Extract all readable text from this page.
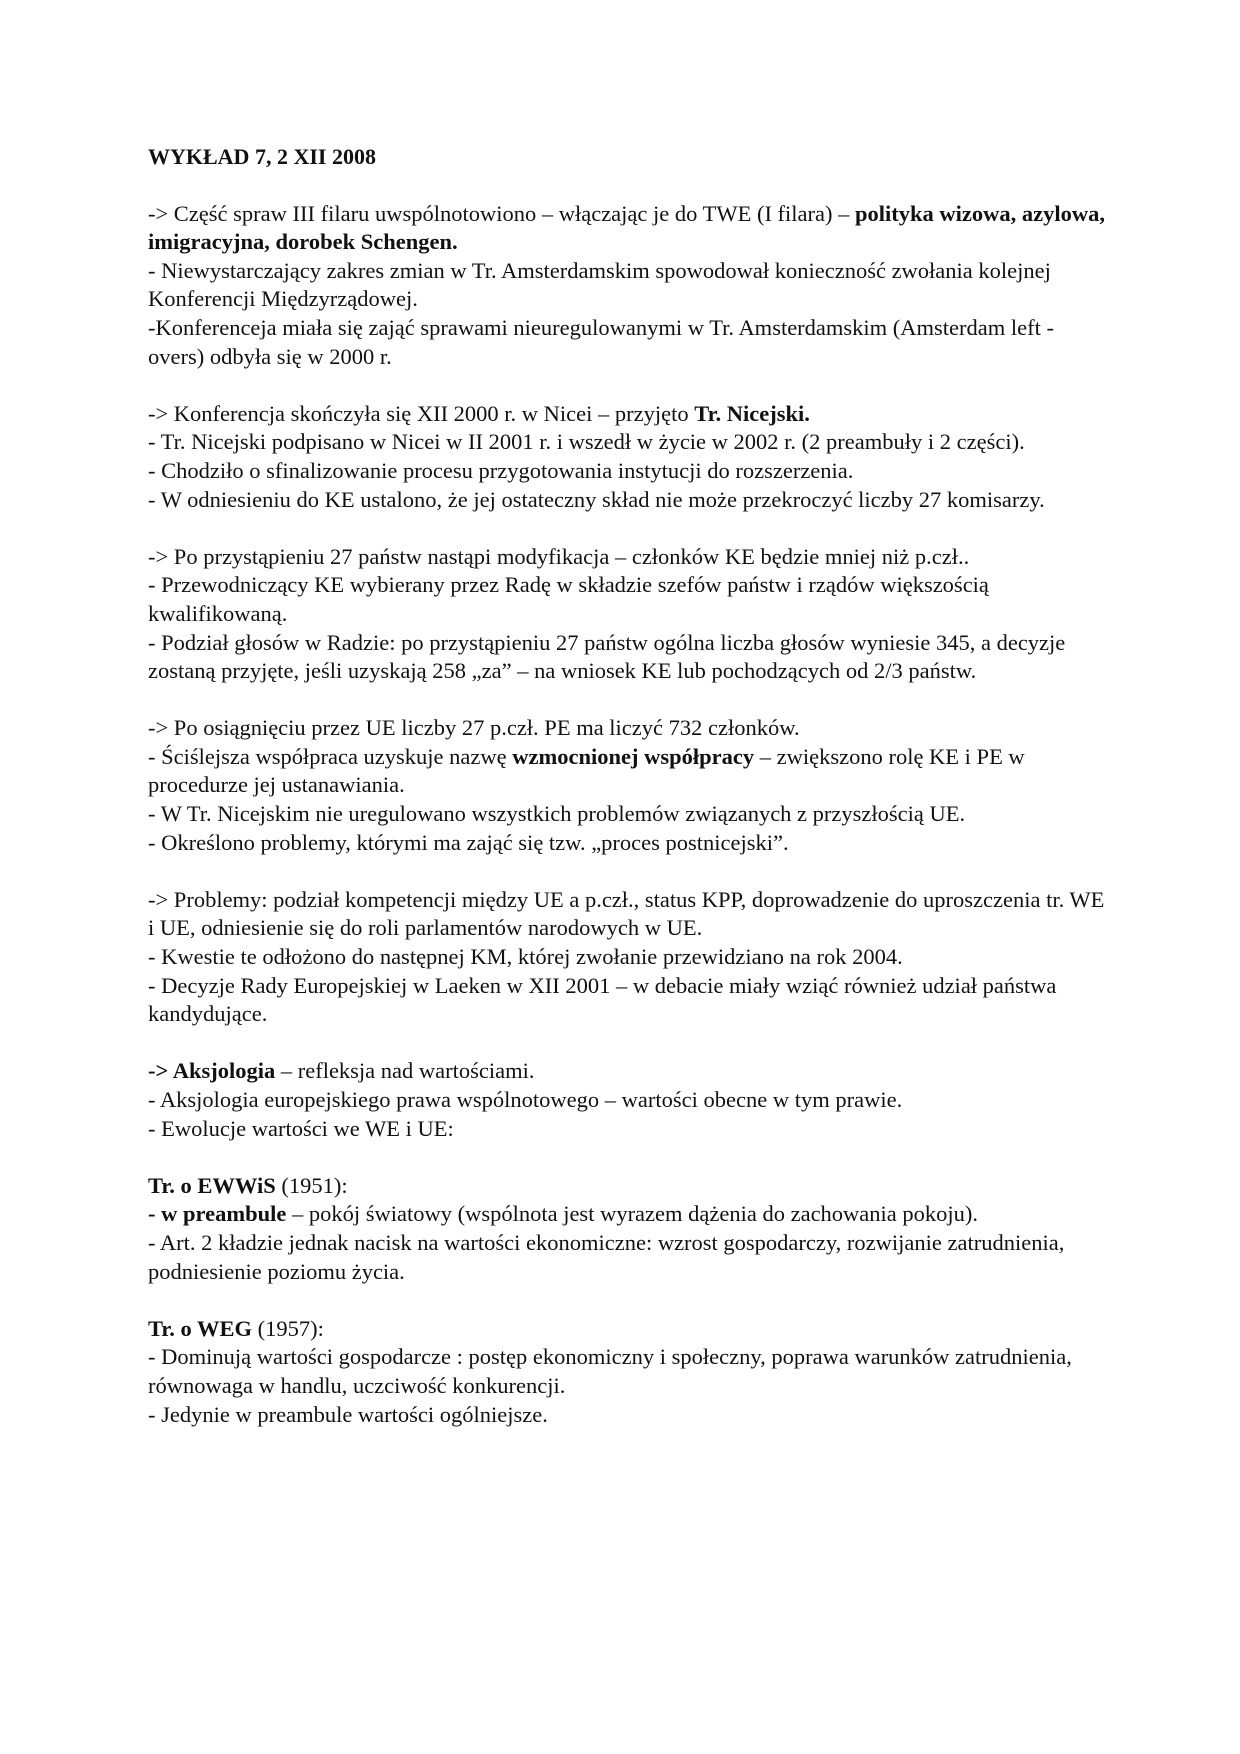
WYKŁAD 7, 2 XII 2008

-> Część spraw III filaru uwspólnotowiono – włączając je do TWE (I filara) – polityka wizowa, azylowa, imigracyjna, dorobek Schengen.

- Niewystarczający zakres zmian w Tr. Amsterdamskim spowodował konieczność zwołania kolejnej Konferencji Międzyrządowej.

-Konferenceja miała się zająć sprawami nieuregulowanymi w Tr. Amsterdamskim (Amsterdam left - overs) odbyła się w 2000 r.

-> Konferencja skończyła się XII 2000 r. w Nicei – przyjęto Tr. Nicejski.

- Tr. Nicejski podpisano w Nicei w II 2001 r. i wszedł w życie w 2002 r. (2 preambuły i 2 części).

- Chodziło o sfinalizowanie procesu przygotowania instytucji do rozszerzenia.

- W odniesieniu do KE ustalono, że jej ostateczny skład nie może przekroczyć liczby 27 komisarzy.

-> Po przystąpieniu 27 państw nastąpi modyfikacja – członków KE będzie mniej niż p.czł..

- Przewodniczący KE wybierany przez Radę w składzie szefów państw i rządów większością kwalifikowaną.

- Podział głosów w Radzie: po przystąpieniu 27 państw ogólna liczba głosów wyniesie 345, a decyzje zostaną przyjęte, jeśli uzyskają 258 „za” – na wniosek KE lub pochodzących od 2/3 państw.

-> Po osiągnięciu przez UE liczby 27 p.czł. PE ma liczyć 732 członków.

- Ściślejsza współpraca uzyskuje nazwę wzmocnionej współpracy – zwiększono rolę KE i PE w procedurze jej ustanawiania.

- W Tr. Nicejskim nie uregulowano wszystkich problemów związanych z przyszłością UE.

- Określono problemy, którymi ma zająć się tzw. „proces postnicejski”.

-> Problemy: podział kompetencji między UE a p.czł., status KPP, doprowadzenie do uproszczenia tr. WE i UE, odniesienie się do roli parlamentów narodowych w UE.

- Kwestie te odłożono do następnej KM, której zwołanie przewidziano na rok 2004.

- Decyzje Rady Europejskiej w Laeken w XII 2001 – w debacie miały wziąć również udział państwa kandydujące.

-> Aksjologia – refleksja nad wartościami.

- Aksjologia europejskiego prawa wspólnotowego – wartości obecne w tym prawie.

- Ewolucje wartości we WE i UE:

Tr. o EWWiS (1951):

- w preambule – pokój światowy (wspólnota jest wyrazem dążenia do zachowania pokoju).

- Art. 2 kładzie jednak nacisk na wartości ekonomiczne: wzrost gospodarczy, rozwijanie zatrudnienia, podniesienie poziomu życia.

Tr. o WEG (1957):

- Dominują wartości gospodarcze : postęp ekonomiczny i społeczny, poprawa warunków zatrudnienia, równowaga w handlu, uczciwość konkurencji.

- Jedynie w preambule wartości ogólniejsze.
